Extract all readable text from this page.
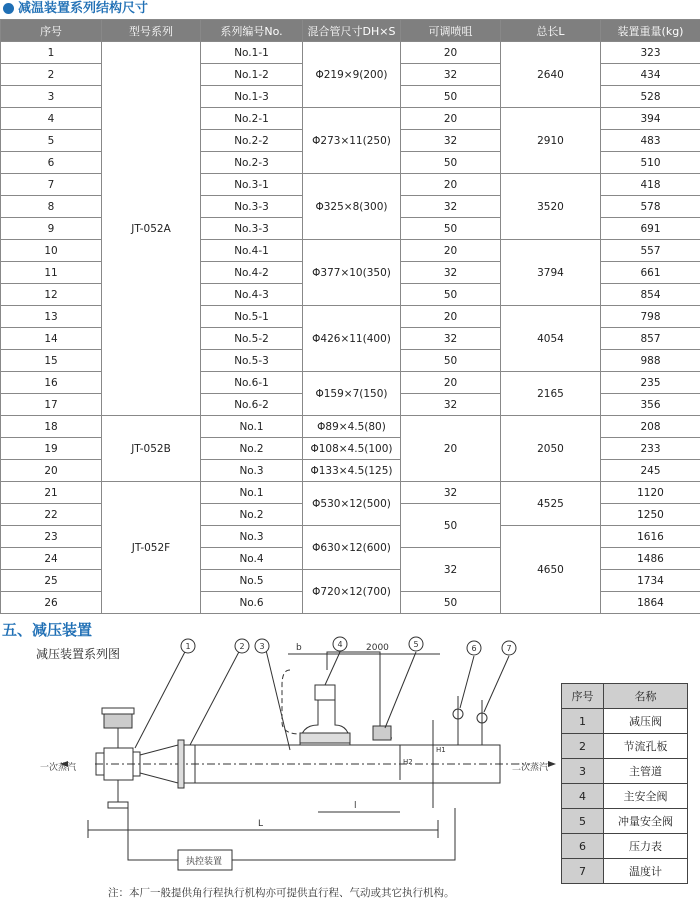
减温装置系列结构尺寸
序号	型号系列	系列编号No.	混合管尺寸DH×S	可调喷咀	总长L	装置重量(kg)
1	JT-052A	No.1-1	Φ219×9(200)	20	2640	323
2		No.1-2		32		434
3		No.1-3		50		528
4		No.2-1	Φ273×11(250)	20	2910	394
5		No.2-2		32		483
6		No.2-3		50		510
7		No.3-1	Φ325×8(300)	20	3520	418
8		No.3-3		32		578
9		No.3-3		50		691
10		No.4-1	Φ377×10(350)	20	3794	557
11		No.4-2		32		661
12		No.4-3		50		854
13		No.5-1	Φ426×11(400)	20	4054	798
14		No.5-2		32		857
15		No.5-3		50		988
16		No.6-1	Φ159×7(150)	20	2165	235
17		No.6-2		32		356
18	JT-052B	No.1	Φ89×4.5(80)	20	2050	208
19		No.2	Φ108×4.5(100)			233
20		No.3	Φ133×4.5(125)			245
21	JT-052F	No.1	Φ530×12(500)	32	4525	1120
22		No.2		50		1250
23		No.3	Φ630×12(600)		4650	1616
24		No.4		32		1486
25		No.5	Φ720×12(700)			1734
26		No.6		50		1864
五、减压装置
减压装置系列图
1	2 3	4	5	6	7
一次蒸汽	二次蒸汽
执控装置
b	2000
l
L
H1
H2
序号	名称
1	减压阀
2	节流孔板
3	主管道
4	主安全阀
5	冲量安全阀
6	压力表
7	温度计
注：本厂一般提供角行程执行机构亦可提供直行程、气动或其它执行机构。
